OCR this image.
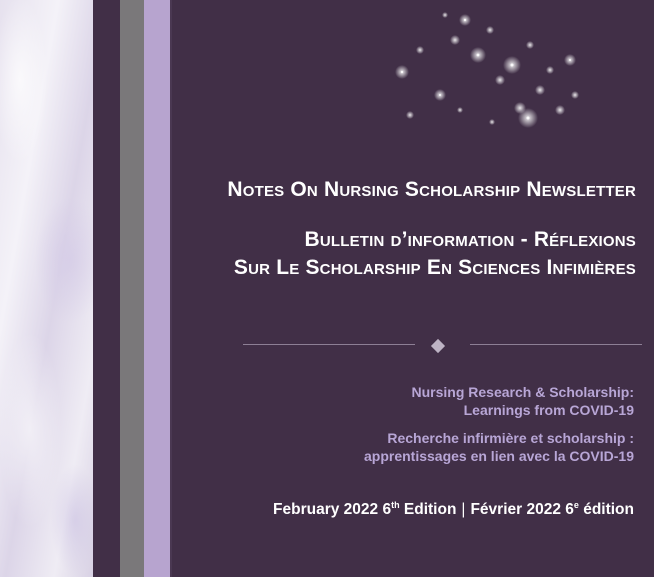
Notes On Nursing Scholarship Newsletter
Bulletin d’information - Réflexions
Sur Le Scholarship En Sciences Infimières
Nursing Research & Scholarship:
Learnings from COVID-19
Recherche infirmière et scholarship :
apprentissages en lien avec la COVID-19
February 2022 6th Edition | Février 2022 6e édition
